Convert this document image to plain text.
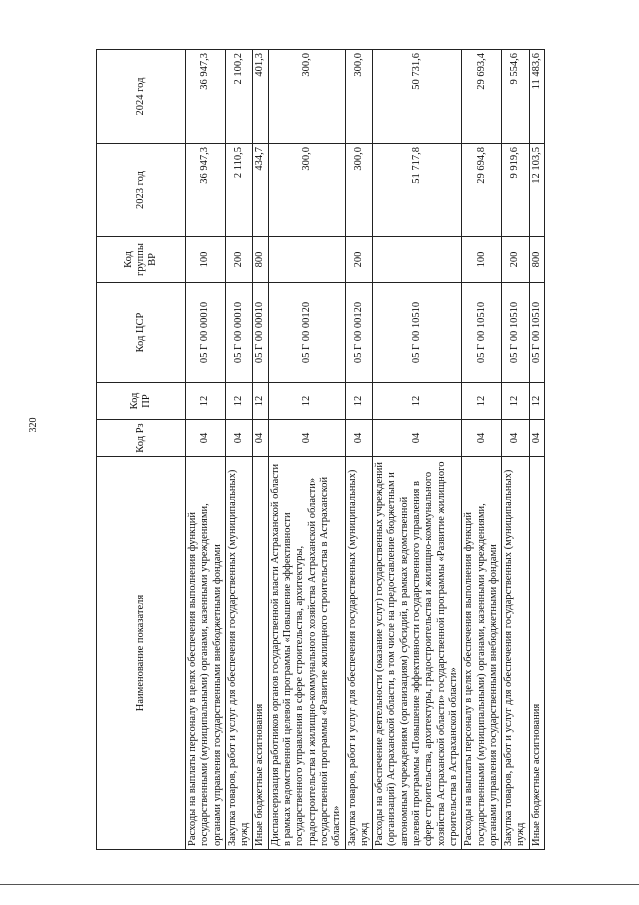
320
Наименование показателя	Код Рз	Код ПР	Код ЦСР	Код группы ВР	2023 год	2024 год
Расходы на выплаты персоналу в целях обеспечения выполнения функций государственными (муниципальными) органами, казенными учреждениями, органами управления государственными внебюджетными фондами	04	12	05 Г 00 00010	100	36 947,3	36 947,3
Закупка товаров, работ и услуг для обеспечения государственных (муниципальных) нужд	04	12	05 Г 00 00010	200	2 110,5	2 100,2
Иные бюджетные ассигнования	04	12	05 Г 00 00010	800	434,7	401,3
Диспансеризация работников органов государственной власти Астраханской области в рамках ведомственной целевой программы «Повышение эффективности государственного управления в сфере строительства, архитектуры, градостроительства и жилищно-коммунального хозяйства Астраханской области» государственной программы «Развитие жилищного строительства в Астраханской области»	04	12	05 Г 00 00120		300,0	300,0
Закупка товаров, работ и услуг для обеспечения государственных (муниципальных) нужд	04	12	05 Г 00 00120	200	300,0	300,0
Расходы на обеспечение деятельности (оказание услуг) государственных учреждений (организаций) Астраханской области, в том числе на предоставление бюджетным и автономным учреждениям (организациям) субсидий, в рамках ведомственной целевой программы «Повышение эффективности государственного управления в сфере строительства, архитектуры, градостроительства и жилищно-коммунального хозяйства Астраханской области» государственной программы «Развитие жилищного строительства в Астраханской области»	04	12	05 Г 00 10510		51 717,8	50 731,6
Расходы на выплаты персоналу в целях обеспечения выполнения функций государственными (муниципальными) органами, казенными учреждениями, органами управления государственными внебюджетными фондами	04	12	05 Г 00 10510	100	29 694,8	29 693,4
Закупка товаров, работ и услуг для обеспечения государственных (муниципальных) нужд	04	12	05 Г 00 10510	200	9 919,6	9 554,6
Иные бюджетные ассигнования	04	12	05 Г 00 10510	800	12 103,5	11 483,6
